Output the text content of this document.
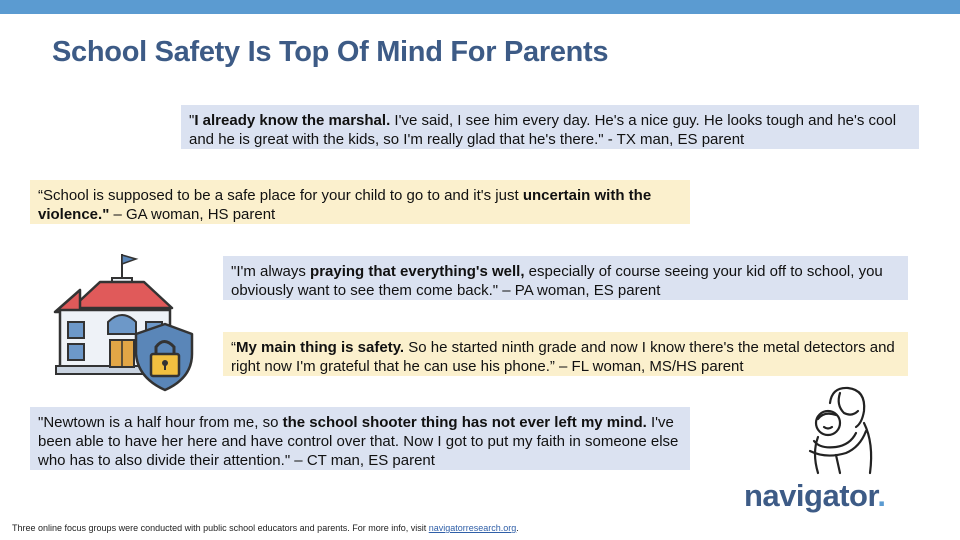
School Safety Is Top Of Mind For Parents
"I already know the marshal. I've said, I see him every day. He's a nice guy. He looks tough and he's cool and he is great with the kids, so I'm really glad that he's there." - TX man, ES parent
“School is supposed to be a safe place for your child to go to and it's just uncertain with the violence." – GA woman, HS parent
"I'm always praying that everything's well, especially of course seeing your kid off to school, you obviously want to see them come back." – PA woman, ES parent
“My main thing is safety. So he started ninth grade and now I know there's the metal detectors and right now I'm grateful that he can use his phone.” – FL woman, MS/HS parent
"Newtown is a half hour from me, so the school shooter thing has not ever left my mind. I've been able to have her here and have control over that. Now I got to put my faith in someone else who has to also divide their attention." – CT man, ES parent
navigator.
Three online focus groups were conducted with public school educators and parents. For more info, visit navigatorresearch.org.
